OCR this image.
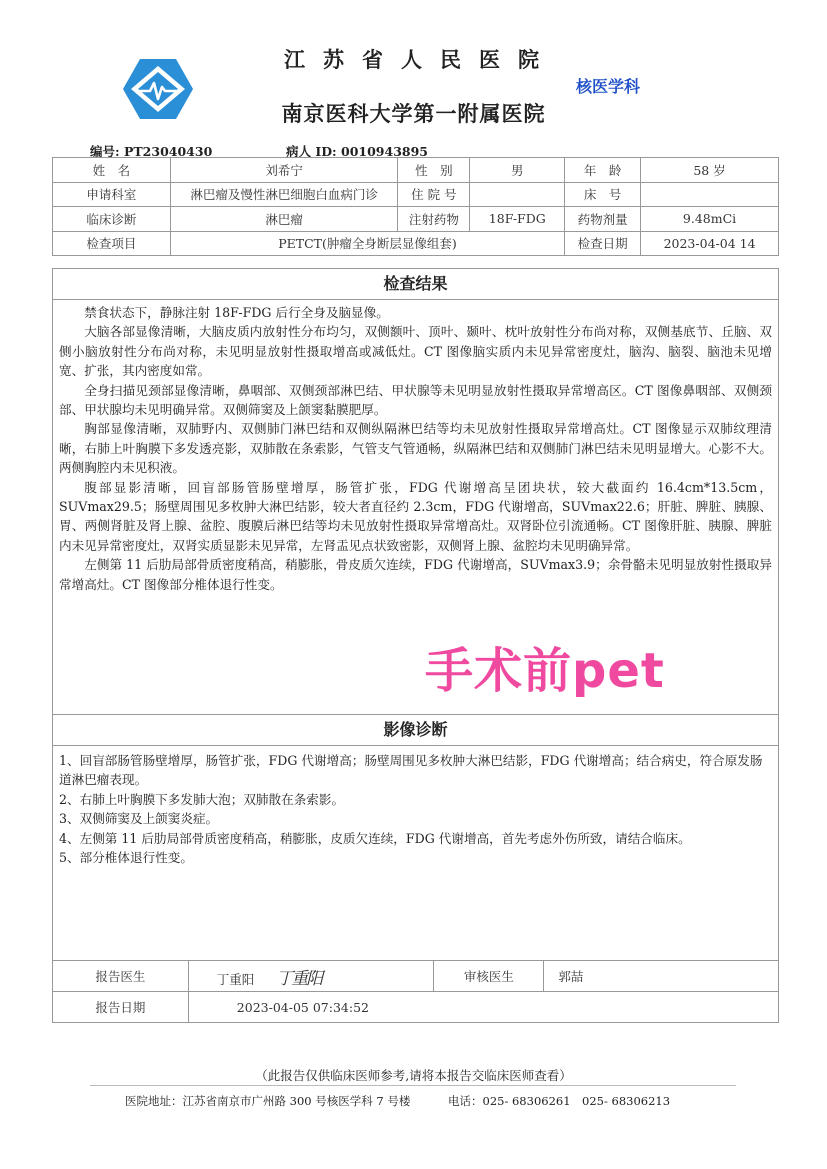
江苏省人民医院
南京医科大学第一附属医院
核医学科
编号: PT23040430	病人 ID: 0010943895
姓　名	刘希宁	性　别	男	年　龄	58 岁
申请科室	淋巴瘤及慢性淋巴细胞白血病门诊	住 院 号		床　号	
临床诊断	淋巴瘤	注射药物	18F-FDG	药物剂量	9.48mCi
检查项目	PETCT(肿瘤全身断层显像组套)			检查日期	2023-04-04 14
检查结果

禁食状态下，静脉注射 18F-FDG 后行全身及脑显像。

大脑各部显像清晰，大脑皮质内放射性分布均匀，双侧额叶、顶叶、颞叶、枕叶放射性分布尚对称，双侧基底节、丘脑、双侧小脑放射性分布尚对称，未见明显放射性摄取增高或减低灶。CT 图像脑实质内未见异常密度灶，脑沟、脑裂、脑池未见增宽、扩张，其内密度如常。

全身扫描见颈部显像清晰，鼻咽部、双侧颈部淋巴结、甲状腺等未见明显放射性摄取异常增高区。CT 图像鼻咽部、双侧颈部、甲状腺均未见明确异常。双侧筛窦及上颌窦黏膜肥厚。

胸部显像清晰，双肺野内、双侧肺门淋巴结和双侧纵隔淋巴结等均未见放射性摄取异常增高灶。CT 图像显示双肺纹理清晰，右肺上叶胸膜下多发透亮影，双肺散在条索影，气管支气管通畅，纵隔淋巴结和双侧肺门淋巴结未见明显增大。心影不大。两侧胸腔内未见积液。

腹部显影清晰，回盲部肠管肠壁增厚，肠管扩张，FDG 代谢增高呈团块状，较大截面约 16.4cm*13.5cm，SUVmax29.5；肠壁周围见多枚肿大淋巴结影，较大者直径约 2.3cm，FDG 代谢增高，SUVmax22.6；肝脏、脾脏、胰腺、胃、两侧肾脏及肾上腺、盆腔、腹膜后淋巴结等均未见放射性摄取异常增高灶。双肾卧位引流通畅。CT 图像肝脏、胰腺、脾脏内未见异常密度灶，双肾实质显影未见异常，左肾盂见点状致密影，双侧肾上腺、盆腔均未见明确异常。

左侧第 11 后肋局部骨质密度稍高，稍膨胀，骨皮质欠连续，FDG 代谢增高，SUVmax3.9；余骨骼未见明显放射性摄取异常增高灶。CT 图像部分椎体退行性变。

手术前pet
影像诊断

1、回盲部肠管肠壁增厚，肠管扩张，FDG 代谢增高；肠壁周围见多枚肿大淋巴结影，FDG 代谢增高；结合病史，符合原发肠道淋巴瘤表现。

2、右肺上叶胸膜下多发肺大泡；双肺散在条索影。

3、双侧筛窦及上颌窦炎症。

4、左侧第 11 后肋局部骨质密度稍高，稍膨胀，皮质欠连续，FDG 代谢增高，首先考虑外伤所致，请结合临床。

5、部分椎体退行性变。

报告医生	丁重阳 丁重阳	审核医生	郭喆
报告日期	2023-04-05 07:34:52		
（此报告仅供临床医师参考,请将本报告交临床医师查看）
医院地址：江苏省南京市广州路 300 号核医学科 7 号楼	电话：025- 68306261　025- 68306213
